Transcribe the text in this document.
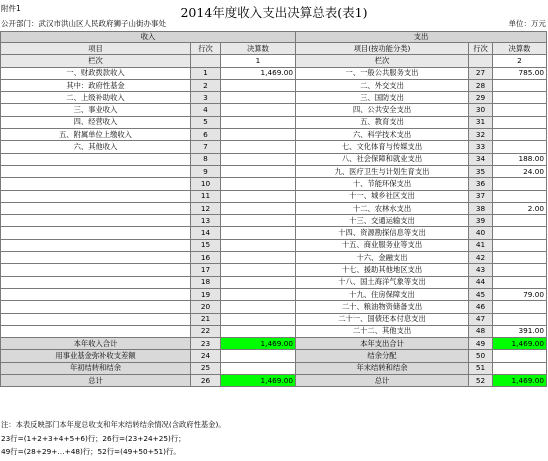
附件1	2014年度收入支出决算总表(表1)
公开部门：武汉市洪山区人民政府狮子山街办事处	单位：万元
收入			支出		
项目	行次	决算数	项目(按功能分类)	行次	决算数
栏次		1	栏次		2
一、财政拨款收入	1	1,469.00	一、一般公共服务支出	27	785.00
其中：政府性基金	2		二、外交支出	28	
二、上级补助收入	3		三、国防支出	29	
三、事业收入	4		四、公共安全支出	30	
四、经营收入	5		五、教育支出	31	
五、附属单位上缴收入	6		六、科学技术支出	32	
六、其他收入	7		七、文化体育与传媒支出	33	
	8		八、社会保障和就业支出	34	188.00
	9		九、医疗卫生与计划生育支出	35	24.00
	10		十、节能环保支出	36	
	11		十一、城乡社区支出	37	
	12		十二、农林水支出	38	2.00
	13		十三、交通运输支出	39	
	14		十四、资源勘探信息等支出	40	
	15		十五、商业服务业等支出	41	
	16		十六、金融支出	42	
	17		十七、援助其他地区支出	43	
	18		十八、国土海洋气象等支出	44	
	19		十九、住房保障支出	45	79.00
	20		二十、粮油物资储备支出	46	
	21		二十一、国债还本付息支出	47	
	22		二十二、其他支出	48	391.00
本年收入合计	23	1,469.00	本年支出合计	49	1,469.00
用事业基金弥补收支差额	24		结余分配	50	
年初结转和结余	25		年末结转和结余	51	
总计	26	1,469.00	总计	52	1,469.00
注：本表反映部门本年度总收支和年末结转结余情况(含政府性基金)。
23行=(1+2+3+4+5+6)行；26行=(23+24+25)行；
49行=(28+29+…+48)行；52行=(49+50+51)行。
